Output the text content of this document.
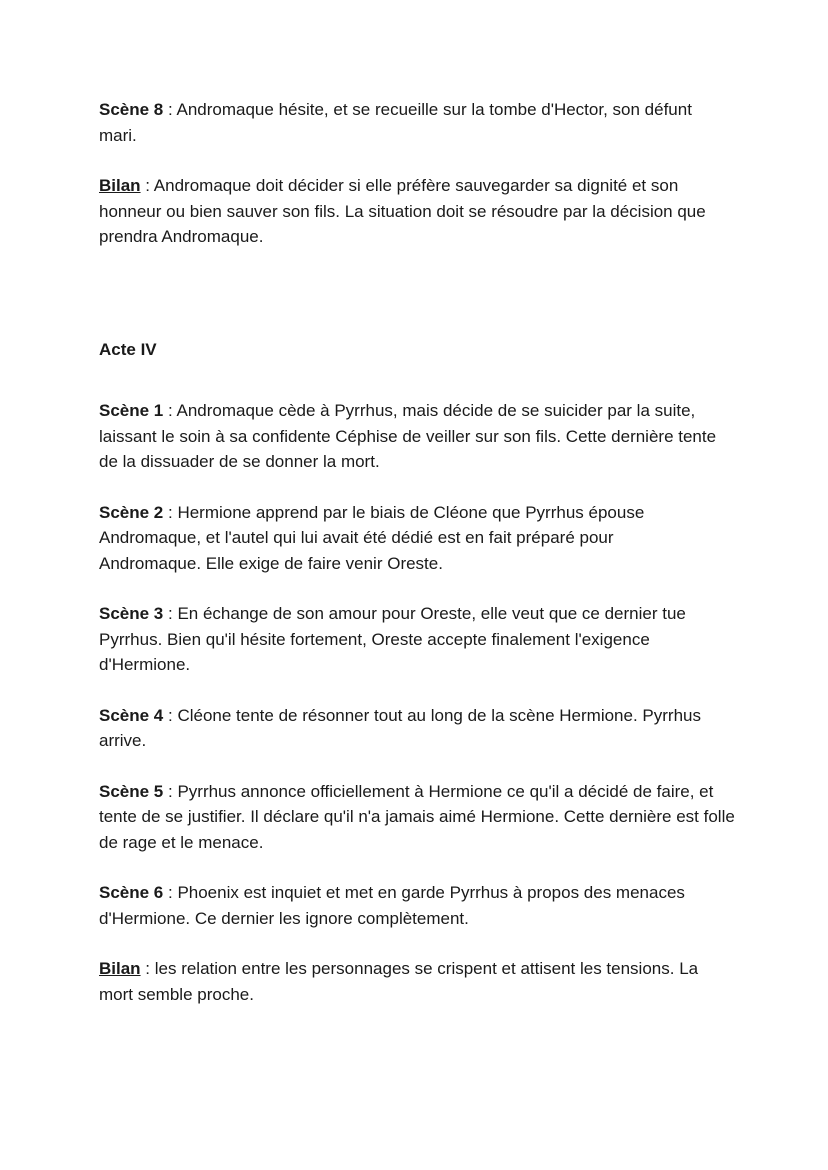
Scène 8 : Andromaque hésite, et se recueille sur la tombe d'Hector, son défunt mari.

Bilan : Andromaque doit décider si elle préfère sauvegarder sa dignité et son honneur ou bien sauver son fils. La situation doit se résoudre par la décision que prendra Andromaque.

Acte IV

Scène 1 : Andromaque cède à Pyrrhus, mais décide de se suicider par la suite, laissant le soin à sa confidente Céphise de veiller sur son fils. Cette dernière tente de la dissuader de se donner la mort.

Scène 2 : Hermione apprend par le biais de Cléone que Pyrrhus épouse Andromaque, et l'autel qui lui avait été dédié est en fait préparé pour Andromaque. Elle exige de faire venir Oreste.

Scène 3 : En échange de son amour pour Oreste, elle veut que ce dernier tue Pyrrhus. Bien qu'il hésite fortement, Oreste accepte finalement l'exigence d'Hermione.

Scène 4 : Cléone tente de résonner tout au long de la scène Hermione. Pyrrhus arrive.

Scène 5 : Pyrrhus annonce officiellement à Hermione ce qu'il a décidé de faire, et tente de se justifier. Il déclare qu'il n'a jamais aimé Hermione. Cette dernière est folle de rage et le menace.

Scène 6 : Phoenix est inquiet et met en garde Pyrrhus à propos des menaces d'Hermione. Ce dernier les ignore complètement.

Bilan : les relation entre les personnages se crispent et attisent les tensions. La mort semble proche.
